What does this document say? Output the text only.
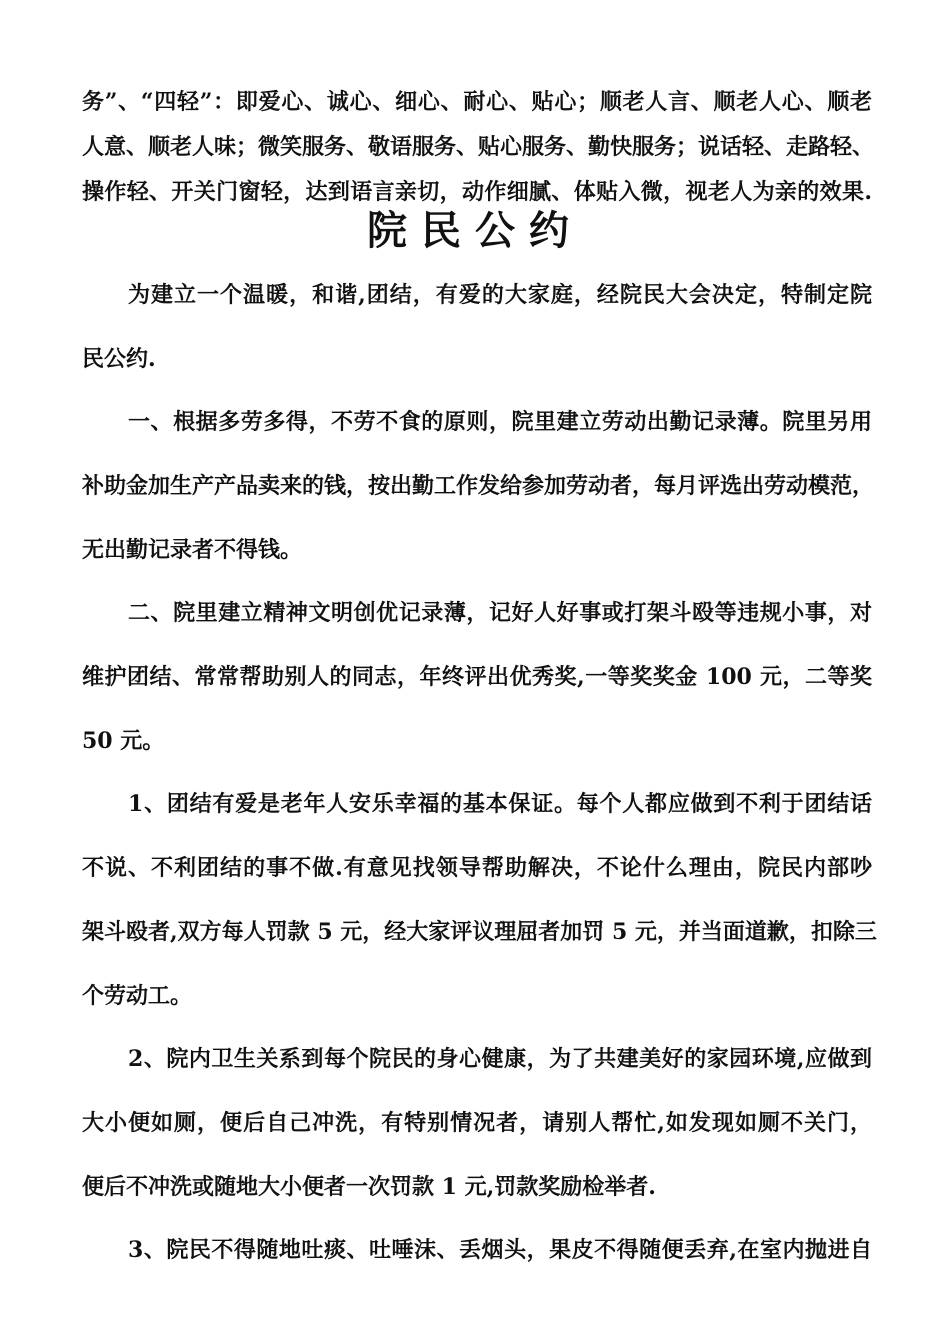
务”、“四轻”：即爱心、诚心、细心、耐心、贴心；顺老人言、顺老人心、顺老
人意、顺老人味；微笑服务、敬语服务、贴心服务、勤快服务；说话轻、走路轻、
操作轻、开关门窗轻，达到语言亲切，动作细腻、体贴入微，视老人为亲的效果.
院民公约
为建立一个温暖，和谐,团结，有爱的大家庭，经院民大会决定，特制定院
民公约.
一、根据多劳多得，不劳不食的原则，院里建立劳动出勤记录薄。院里另用
补助金加生产产品卖来的钱，按出勤工作发给参加劳动者，每月评选出劳动模范，
无出勤记录者不得钱。
二、院里建立精神文明创优记录薄，记好人好事或打架斗殴等违规小事，对
维护团结、常常帮助别人的同志，年终评出优秀奖,一等奖奖金 100 元，二等奖
50 元。
1、团结有爱是老年人安乐幸福的基本保证。每个人都应做到不利于团结话
不说、不利团结的事不做.有意见找领导帮助解决，不论什么理由，院民内部吵
架斗殴者,双方每人罚款 5 元，经大家评议理屈者加罚 5 元，并当面道歉，扣除三
个劳动工。
2、院内卫生关系到每个院民的身心健康，为了共建美好的家园环境,应做到
大小便如厕，便后自己冲洗，有特别情况者，请别人帮忙,如发现如厕不关门，
便后不冲洗或随地大小便者一次罚款 1 元,罚款奖励检举者.
3、院民不得随地吐痰、吐唾沫、丢烟头，果皮不得随便丢弃,在室内抛进自
